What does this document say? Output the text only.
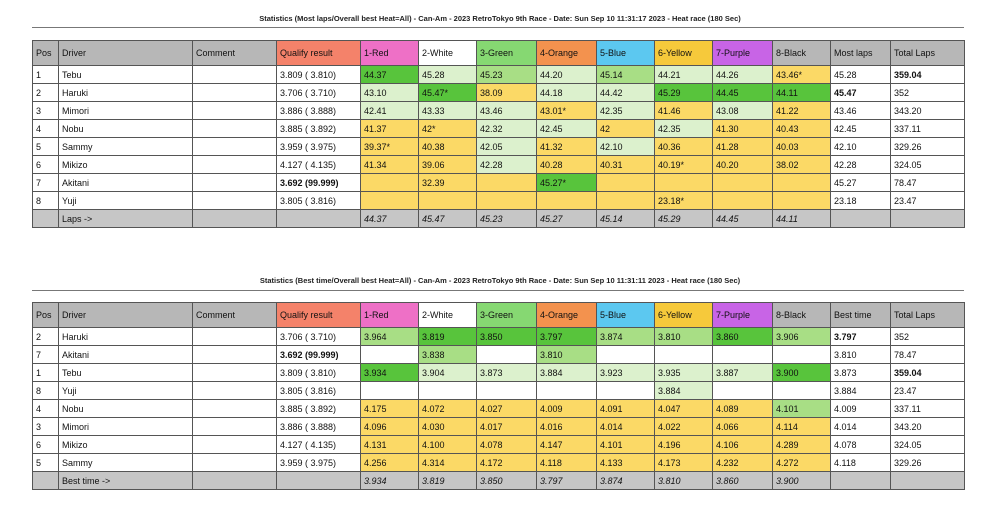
Statistics (Most laps/Overall best Heat=All) - Can-Am - 2023 RetroTokyo 9th Race - Date: Sun Sep 10 11:31:17 2023 - Heat race (180 Sec)
Pos	Driver	Comment	Qualify result	1-Red	2-White	3-Green	4-Orange	5-Blue	6-Yellow	7-Purple	8-Black	Most laps	Total Laps
1	Tebu		3.809 ( 3.810)	44.37	45.28	45.23	44.20	45.14	44.21	44.26	43.46*	45.28	359.04
2	Haruki		3.706 ( 3.710)	43.10	45.47*	38.09	44.18	44.42	45.29	44.45	44.11	45.47	352
3	Mimori		3.886 ( 3.888)	42.41	43.33	43.46	43.01*	42.35	41.46	43.08	41.22	43.46	343.20
4	Nobu		3.885 ( 3.892)	41.37	42*	42.32	42.45	42	42.35	41.30	40.43	42.45	337.11
5	Sammy		3.959 ( 3.975)	39.37*	40.38	42.05	41.32	42.10	40.36	41.28	40.03	42.10	329.26
6	Mikizo		4.127 ( 4.135)	41.34	39.06	42.28	40.28	40.31	40.19*	40.20	38.02	42.28	324.05
7	Akitani		3.692 (99.999)		32.39		45.27*					45.27	78.47
8	Yuji		3.805 ( 3.816)						23.18*			23.18	23.47
	Laps ->			44.37	45.47	45.23	45.27	45.14	45.29	44.45	44.11		
Statistics (Best time/Overall best Heat=All) - Can-Am - 2023 RetroTokyo 9th Race - Date: Sun Sep 10 11:31:11 2023 - Heat race (180 Sec)
Pos	Driver	Comment	Qualify result	1-Red	2-White	3-Green	4-Orange	5-Blue	6-Yellow	7-Purple	8-Black	Best time	Total Laps
2	Haruki		3.706 ( 3.710)	3.964	3.819	3.850	3.797	3.874	3.810	3.860	3.906	3.797	352
7	Akitani		3.692 (99.999)		3.838		3.810					3.810	78.47
1	Tebu		3.809 ( 3.810)	3.934	3.904	3.873	3.884	3.923	3.935	3.887	3.900	3.873	359.04
8	Yuji		3.805 ( 3.816)						3.884			3.884	23.47
4	Nobu		3.885 ( 3.892)	4.175	4.072	4.027	4.009	4.091	4.047	4.089	4.101	4.009	337.11
3	Mimori		3.886 ( 3.888)	4.096	4.030	4.017	4.016	4.014	4.022	4.066	4.114	4.014	343.20
6	Mikizo		4.127 ( 4.135)	4.131	4.100	4.078	4.147	4.101	4.196	4.106	4.289	4.078	324.05
5	Sammy		3.959 ( 3.975)	4.256	4.314	4.172	4.118	4.133	4.173	4.232	4.272	4.118	329.26
	Best time ->			3.934	3.819	3.850	3.797	3.874	3.810	3.860	3.900		
